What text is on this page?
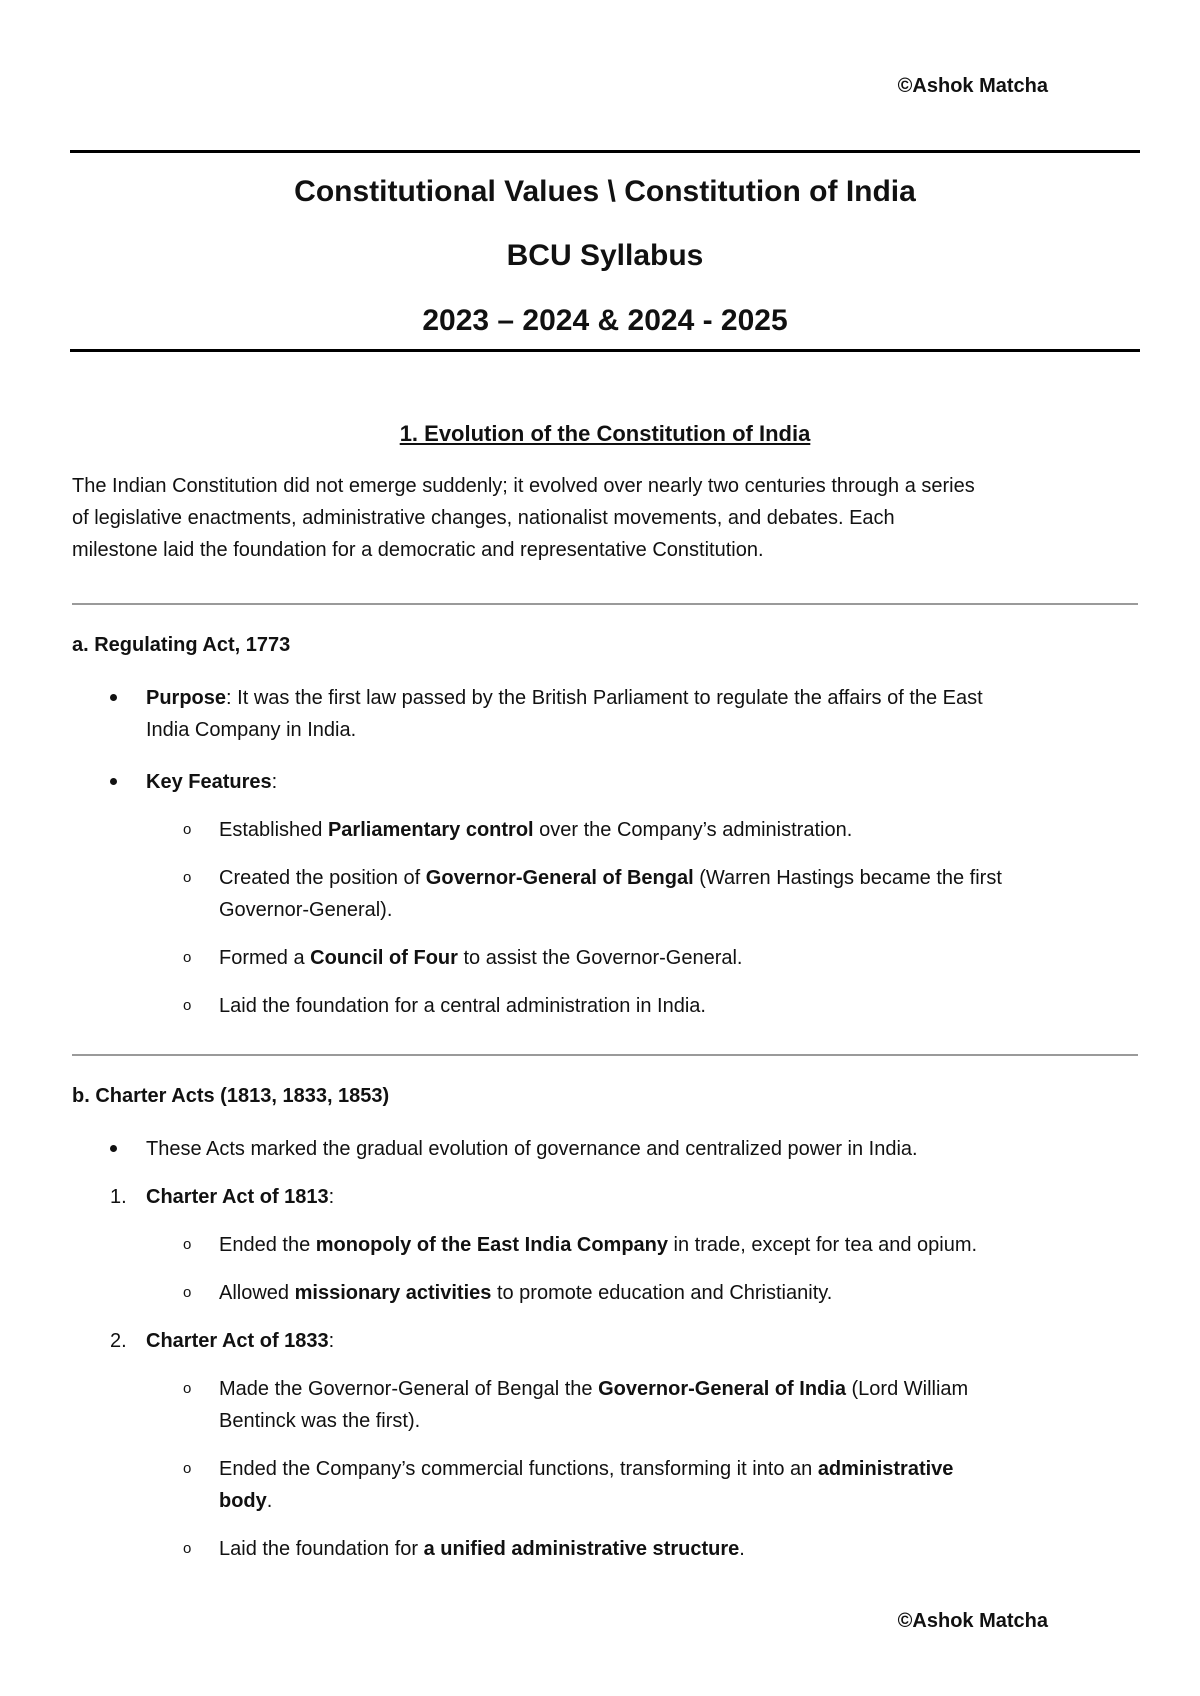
©Ashok Matcha
Constitutional Values \ Constitution of India
BCU Syllabus
2023 – 2024 & 2024 - 2025
1. Evolution of the Constitution of India

The Indian Constitution did not emerge suddenly; it evolved over nearly two centuries through a series

of legislative enactments, administrative changes, nationalist movements, and debates. Each

milestone laid the foundation for a democratic and representative Constitution.

a. Regulating Act, 1773
Purpose: It was the first law passed by the British Parliament to regulate the affairs of the East
India Company in India.
Key Features:
o Established Parliamentary control over the Company’s administration.
o Created the position of Governor-General of Bengal (Warren Hastings became the first
Governor-General).
o Formed a Council of Four to assist the Governor-General.
o Laid the foundation for a central administration in India.
b. Charter Acts (1813, 1833, 1853)
These Acts marked the gradual evolution of governance and centralized power in India.
1. Charter Act of 1813:
o Ended the monopoly of the East India Company in trade, except for tea and opium.
o Allowed missionary activities to promote education and Christianity.
2. Charter Act of 1833:
o Made the Governor-General of Bengal the Governor-General of India (Lord William
Bentinck was the first).
o Ended the Company’s commercial functions, transforming it into an administrative
body.
o Laid the foundation for a unified administrative structure.
©Ashok Matcha
